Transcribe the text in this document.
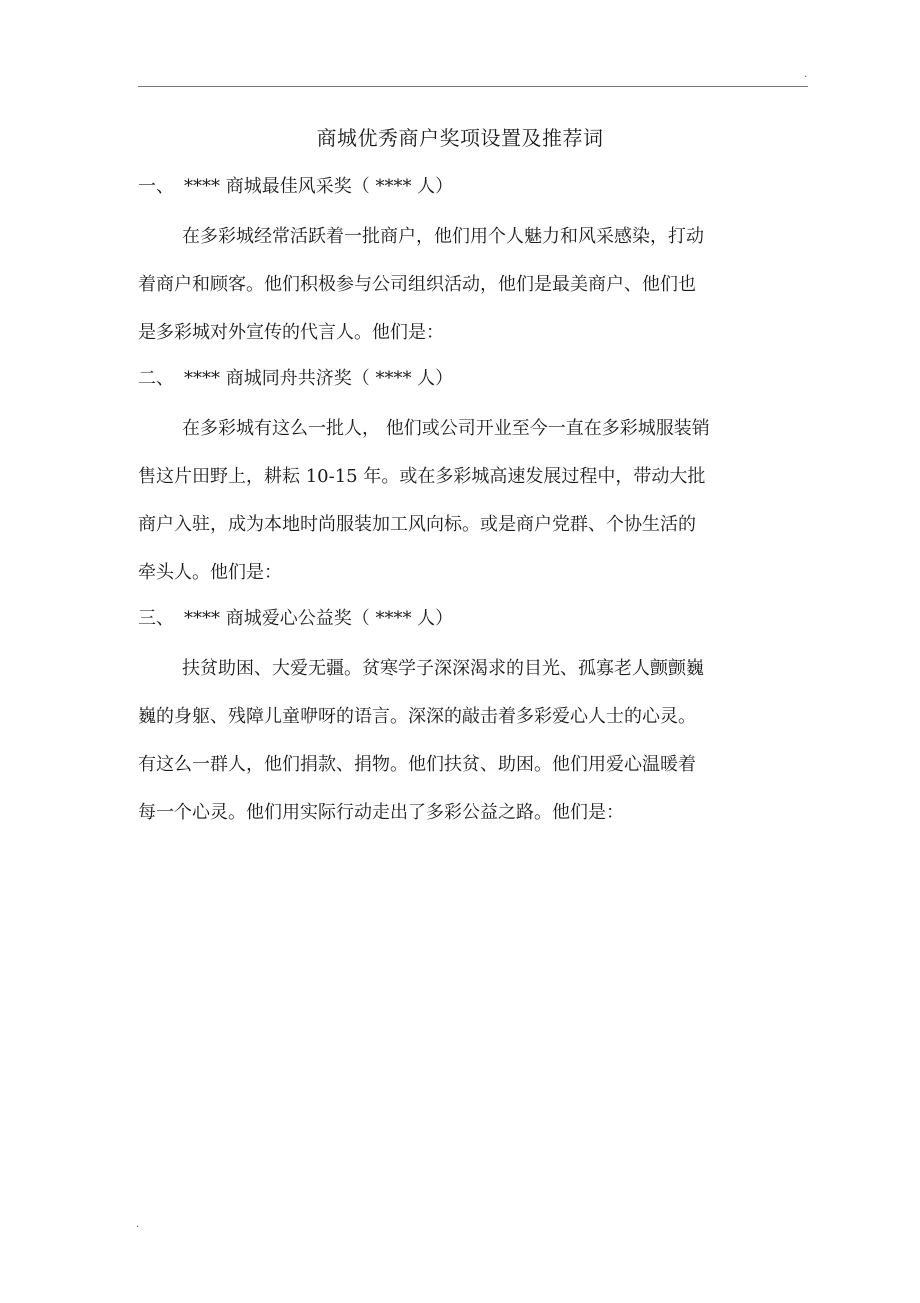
.
商城优秀商户奖项设置及推荐词
一、 **** 商城最佳风采奖（ **** 人）
在多彩城经常活跃着一批商户，他们用个人魅力和风采感染，打动
着商户和顾客。他们积极参与公司组织活动，他们是最美商户、他们也
是多彩城对外宣传的代言人。他们是：
二、 **** 商城同舟共济奖（ **** 人）
在多彩城有这么一批人， 他们或公司开业至今一直在多彩城服装销
售这片田野上，耕耘 10-15 年。或在多彩城高速发展过程中，带动大批
商户入驻，成为本地时尚服装加工风向标。或是商户党群、个协生活的
牵头人。他们是：
三、 **** 商城爱心公益奖（ **** 人）
扶贫助困、大爱无疆。贫寒学子深深渴求的目光、孤寡老人颤颤巍
巍的身躯、残障儿童咿呀的语言。深深的敲击着多彩爱心人士的心灵。
有这么一群人，他们捐款、捐物。他们扶贫、助困。他们用爱心温暖着
每一个心灵。他们用实际行动走出了多彩公益之路。他们是：
.
